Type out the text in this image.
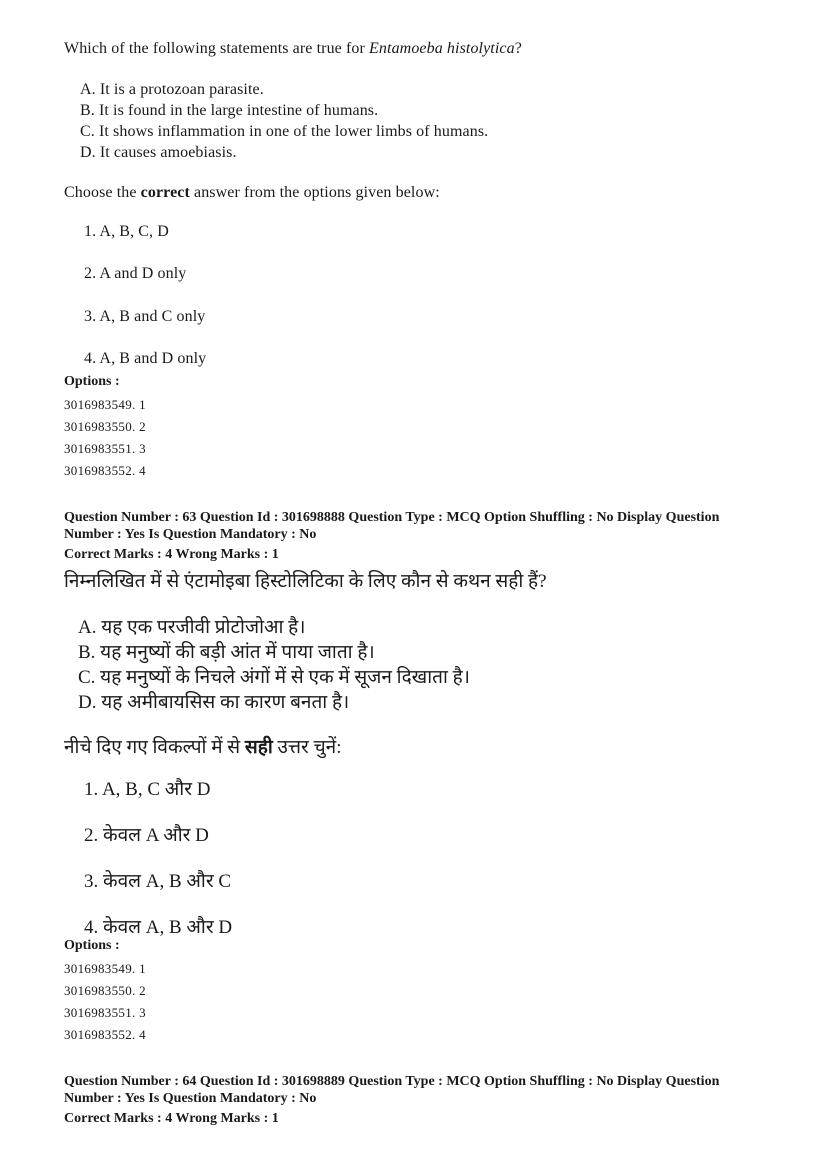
Which of the following statements are true for Entamoeba histolytica?
A. It is a protozoan parasite.
B. It is found in the large intestine of humans.
C. It shows inflammation in one of the lower limbs of humans.
D. It causes amoebiasis.
Choose the correct answer from the options given below:
1. A, B, C, D
2. A and D only
3. A, B and C only
4. A, B and D only
Options :
3016983549. 1
3016983550. 2
3016983551. 3
3016983552. 4
Question Number : 63 Question Id : 301698888 Question Type : MCQ Option Shuffling : No Display Question
Number : Yes Is Question Mandatory : No
Correct Marks : 4 Wrong Marks : 1
निम्नलिखित में से एंटामोइबा हिस्टोलिटिका के लिए कौन से कथन सही हैं?
A. यह एक परजीवी प्रोटोजोआ है।
B. यह मनुष्यों की बड़ी आंत में पाया जाता है।
C. यह मनुष्यों के निचले अंगों में से एक में सूजन दिखाता है।
D. यह अमीबायसिस का कारण बनता है।
नीचे दिए गए विकल्पों में से सही उत्तर चुनें:
1. A, B, C और D
2. केवल A और D
3. केवल A, B और C
4. केवल A, B और D
Options :
3016983549. 1
3016983550. 2
3016983551. 3
3016983552. 4
Question Number : 64 Question Id : 301698889 Question Type : MCQ Option Shuffling : No Display Question
Number : Yes Is Question Mandatory : No
Correct Marks : 4 Wrong Marks : 1
